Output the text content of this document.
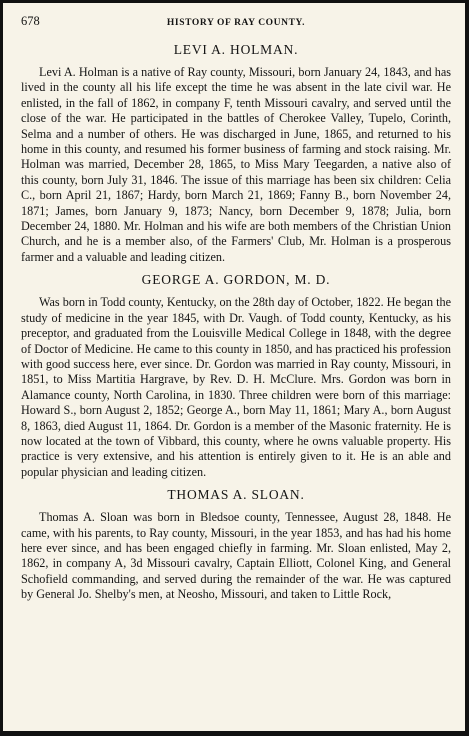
678	HISTORY OF RAY COUNTY.
LEVI A. HOLMAN.

Levi A. Holman is a native of Ray county, Missouri, born January 24, 1843, and has lived in the county all his life except the time he was absent in the late civil war. He enlisted, in the fall of 1862, in company F, tenth Missouri cavalry, and served until the close of the war. He participated in the battles of Cherokee Valley, Tupelo, Corinth, Selma and a number of others. He was discharged in June, 1865, and returned to his home in this county, and resumed his former business of farming and stock raising. Mr. Holman was married, December 28, 1865, to Miss Mary Teegarden, a native also of this county, born July 31, 1846. The issue of this marriage has been six children: Celia C., born April 21, 1867; Hardy, born March 21, 1869; Fanny B., born November 24, 1871; James, born January 9, 1873; Nancy, born December 9, 1878; Julia, born December 24, 1880. Mr. Holman and his wife are both members of the Christian Union Church, and he is a member also, of the Farmers' Club, Mr. Holman is a prosperous farmer and a valuable and leading citizen.

GEORGE A. GORDON, M. D.

Was born in Todd county, Kentucky, on the 28th day of October, 1822. He began the study of medicine in the year 1845, with Dr. Vaugh. of Todd county, Kentucky, as his preceptor, and graduated from the Louisville Medical College in 1848, with the degree of Doctor of Medicine. He came to this county in 1850, and has practiced his profession with good success here, ever since. Dr. Gordon was married in Ray county, Missouri, in 1851, to Miss Martitia Hargrave, by Rev. D. H. McClure. Mrs. Gordon was born in Alamance county, North Carolina, in 1830. Three children were born of this marriage: Howard S., born August 2, 1852; George A., born May 11, 1861; Mary A., born August 8, 1863, died August 11, 1864. Dr. Gordon is a member of the Masonic fraternity. He is now located at the town of Vibbard, this county, where he owns valuable property. His practice is very extensive, and his attention is entirely given to it. He is an able and popular physician and leading citizen.

THOMAS A. SLOAN.

Thomas A. Sloan was born in Bledsoe county, Tennessee, August 28, 1848. He came, with his parents, to Ray county, Missouri, in the year 1853, and has had his home here ever since, and has been engaged chiefly in farming. Mr. Sloan enlisted, May 2, 1862, in company A, 3d Missouri cavalry, Captain Elliott, Colonel King, and General Schofield commanding, and served during the remainder of the war. He was captured by General Jo. Shelby's men, at Neosho, Missouri, and taken to Little Rock,
